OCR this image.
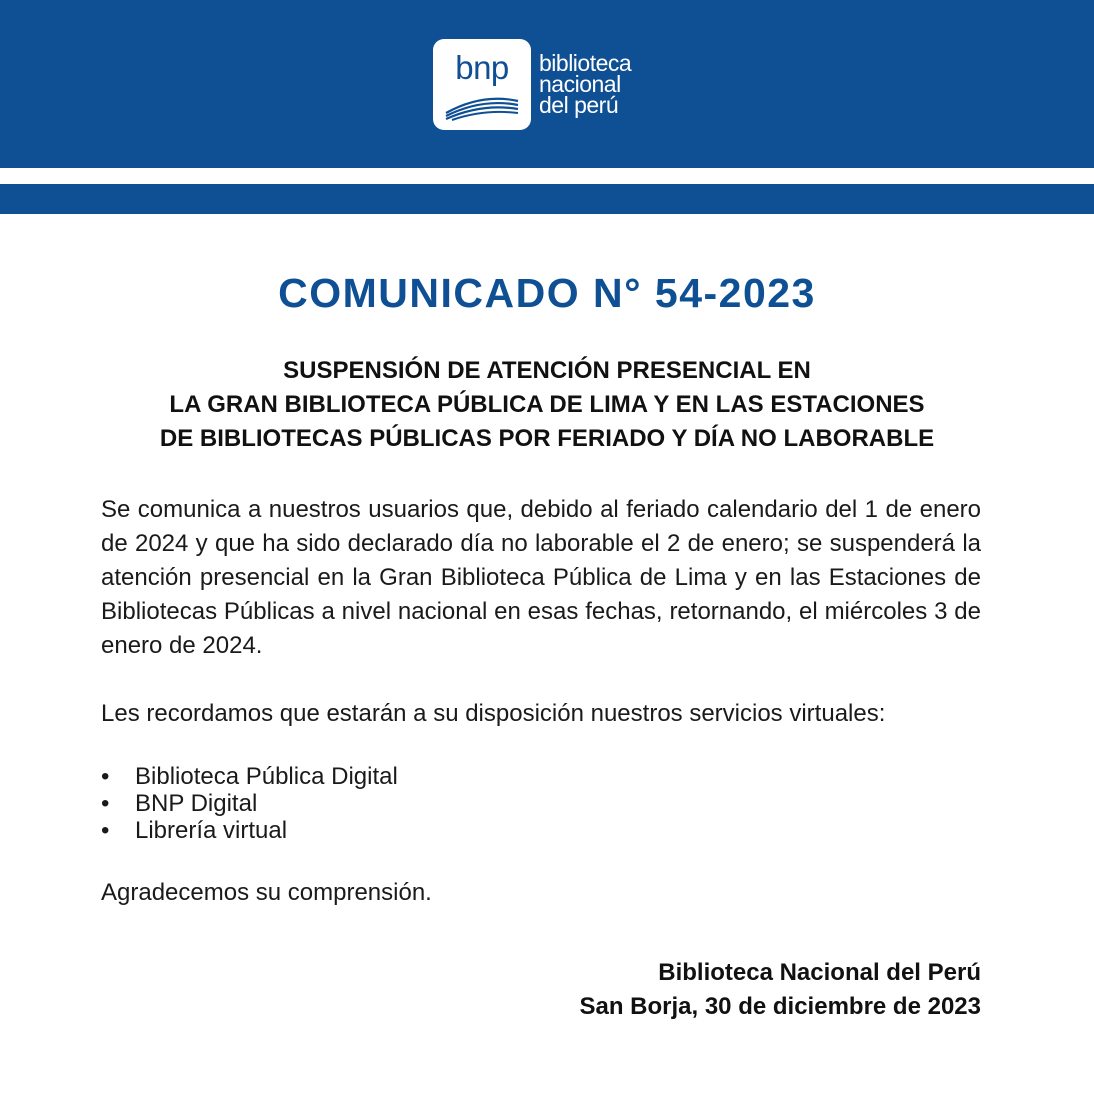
bnp	biblioteca
nacional
del perú
COMUNICADO N° 54-2023
SUSPENSIÓN DE ATENCIÓN PRESENCIAL EN
LA GRAN BIBLIOTECA PÚBLICA DE LIMA Y EN LAS ESTACIONES
DE BIBLIOTECAS PÚBLICAS POR FERIADO Y DÍA NO LABORABLE

Se comunica a nuestros usuarios que, debido al feriado calendario del 1 de enero de 2024 y que ha sido declarado día no laborable el 2 de enero; se suspenderá la atención presencial en la Gran Biblioteca Pública de Lima y en las Estaciones de Bibliotecas Públicas a nivel nacional en esas fechas, retornando, el miércoles 3 de enero de 2024.

Les recordamos que estarán a su disposición nuestros servicios virtuales:

• Biblioteca Pública Digital
• BNP Digital
• Librería virtual

Agradecemos su comprensión.

Biblioteca Nacional del Perú
San Borja, 30 de diciembre de 2023
